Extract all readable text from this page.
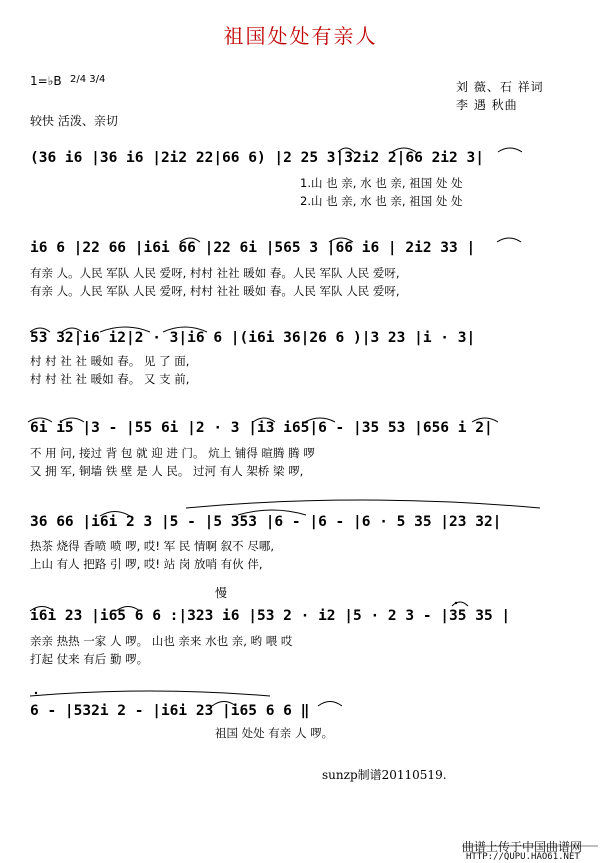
祖国处处有亲人
1=♭B 2/4 3/4
较快 活泼、亲切
刘 薇、石 祥词
李 遇 秋曲
(36 i6 |36 i6 |2i2 22|66 6) |2 25 3|32i2 2|66 2i2 3|
1.山 也 亲, 水 也 亲, 祖国 处 处
2.山 也 亲, 水 也 亲, 祖国 处 处
i6 6 |22 66 |i6i 66 |22 6i |565 3 |66 i6 | 2i2 33 |
有亲 人。人民 军队 人民 爱呀, 村村 社社 暖如 春。人民 军队 人民 爱呀,
有亲 人。人民 军队 人民 爱呀, 村村 社社 暖如 春。人民 军队 人民 爱呀,
53 32|i6 i2|2 · 3|i6 6 |(i6i 36|26 6 )|3 23 |i · 3|
村 村 社 社 暖如 春。 见 了 面,
村 村 社 社 暖如 春。 又 支 前,
6i i5 |3 - |55 6i |2 · 3 |i3 i65|6 - |35 53 |656 i 2|
不 用 问, 接过 背 包 就 迎 进 门。 炕上 铺得 暄腾 腾 啰
又 拥 军, 铜墙 铁 壁 是 人 民。 过河 有人 架桥 梁 啰,
36 66 |i6i 2 3 |5 - |5 353 |6 - |6 - |6 · 5 35 |23 32|
热茶 烧得 香喷 喷 啰, 哎! 军 民 情啊 叙不 尽哪,
上山 有人 把路 引 啰, 哎! 站 岗 放哨 有伙 伴,
慢
i6i 23 |i65 6 6 :|323 i6 |53 2 · i2 |5 · 2 3 - |35 35 |
亲亲 热热 一家 人 啰。 山也 亲来 水也 亲, 哟 喂 哎
打起 仗来 有后 勤 啰。
6 - |532i 2 - |i6i 23 |i65 6 6 ‖
祖国 处处 有亲 人 啰。
sunzp制谱20110519.
曲谱上传于中国曲谱网
HTTP://QUPU.HAO61.NET
